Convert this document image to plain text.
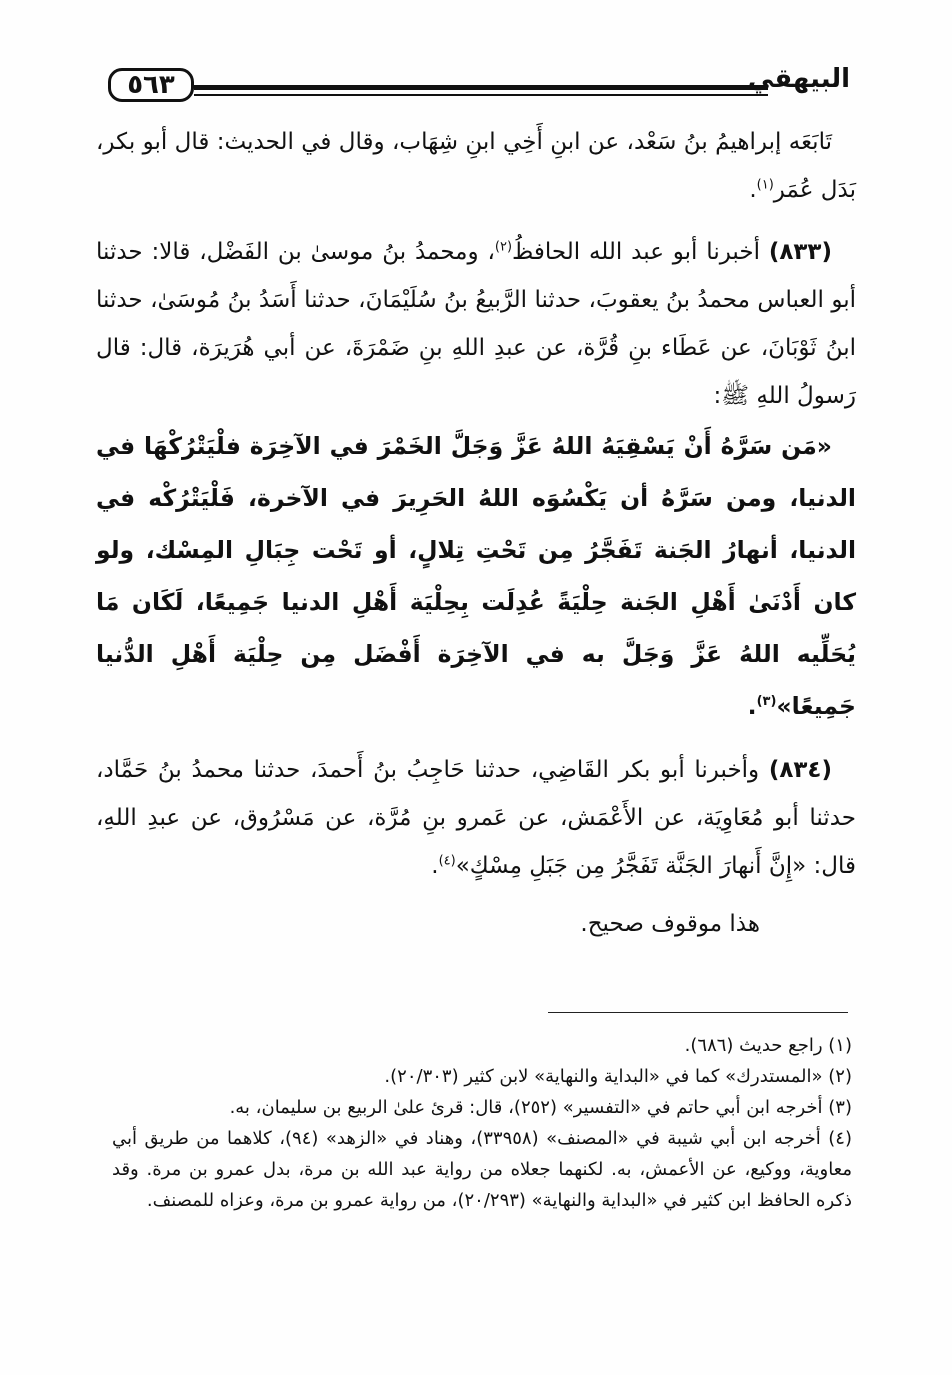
٥٦٣	البيهقي

تَابَعَه إبراهيمُ بنُ سَعْد، عن ابنِ أَخِي ابنِ شِهَاب، وقال في الحديث: قال أبو بكر، بَدَل عُمَر$^{(١)}$.

(٨٣٣) أخبرنا أبو عبد الله الحافظُ$^{(٢)}$، ومحمدُ بنُ موسىٰ بن الفَضْل، قالا: حدثنا أبو العباس محمدُ بنُ يعقوبَ، حدثنا الرَّبيعُ بنُ سُلَيْمَانَ، حدثنا أَسَدُ بنُ مُوسَىٰ، حدثنا ابنُ ثَوْبَانَ، عن عَطَاء بنِ قُرَّة، عن عبدِ اللهِ بنِ ضَمْرَةَ، عن أبي هُرَيرَة، قال: قال رَسولُ اللهِ ﷺ:

«مَن سَرَّهُ أَنْ يَسْقِيَهُ اللهُ عَزَّ وَجَلَّ الخَمْرَ في الآخِرَة فلْيَتْرُكْهَا في الدنيا، ومن سَرَّهُ أن يَكْسُوَه اللهُ الحَرِيرَ في الآخرة، فَلْيَتْرُكْه في الدنيا، أنهارُ الجَنة تَفَجَّرُ مِن تَحْتِ تِلالٍ، أو تَحْت جِبَالِ المِسْك، ولو كان أَدْنَىٰ أَهْلِ الجَنة حِلْيَةً عُدِلَت بِحِلْيَة أَهْلِ الدنيا جَمِيعًا، لَكَان مَا يُحَلِّيه اللهُ عَزَّ وَجَلَّ به في الآخِرَة أَفْضَل مِن حِلْيَة أَهْلِ الدُّنيا جَمِيعًا»$^{(٣)}$.

(٨٣٤) وأخبرنا أبو بكر القَاضِي، حدثنا حَاجِبُ بنُ أَحمدَ، حدثنا محمدُ بنُ حَمَّاد، حدثنا أبو مُعَاوِيَة، عن الأَعْمَش، عن عَمرو بنِ مُرَّة، عن مَسْرُوق، عن عبدِ اللهِ، قال: «إِنَّ أَنهارَ الجَنَّة تَفَجَّرُ مِن جَبَلِ مِسْكٍ»$^{(٤)}$.

هذا موقوف صحيح.

(١) راجع حديث (٦٨٦).

(٢) «المستدرك» كما في «البداية والنهاية» لابن كثير (٢٠/٣٠٣).

(٣) أخرجه ابن أبي حاتم في «التفسير» (٢٥٢)، قال: قرئ علىٰ الربيع بن سليمان، به.

(٤) أخرجه ابن أبي شيبة في «المصنف» (٣٣٩٥٨)، وهناد في «الزهد» (٩٤)، كلاهما من طريق أبي معاوية، ووكيع، عن الأعمش، به. لكنهما جعلاه من رواية عبد الله بن مرة، بدل عمرو بن مرة. وقد ذكره الحافظ ابن كثير في «البداية والنهاية» (٢٠/٢٩٣)، من رواية عمرو بن مرة، وعزاه للمصنف.
